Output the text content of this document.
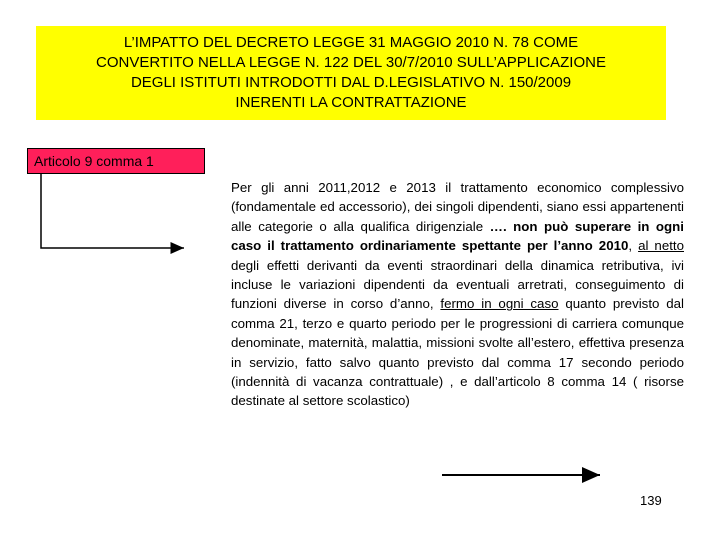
L’IMPATTO DEL DECRETO LEGGE 31 MAGGIO 2010 N. 78 COME
CONVERTITO NELLA LEGGE N. 122 DEL 30/7/2010 SULL’APPLICAZIONE
DEGLI ISTITUTI INTRODOTTI DAL D.LEGISLATIVO N. 150/2009
INERENTI LA CONTRATTAZIONE
Articolo 9 comma 1
Per gli anni 2011,2012 e 2013 il trattamento economico complessivo (fondamentale ed accessorio), dei singoli dipendenti, siano essi appartenenti alle categorie o alla qualifica dirigenziale …. non può superare in ogni caso il trattamento ordinariamente spettante per l’anno 2010, al netto degli effetti derivanti da eventi straordinari della dinamica retributiva, ivi incluse le variazioni dipendenti da eventuali arretrati, conseguimento di funzioni diverse in corso d’anno, fermo in ogni caso quanto previsto dal comma 21, terzo e quarto periodo per le progressioni di carriera comunque denominate, maternità, malattia, missioni svolte all’estero, effettiva presenza in servizio, fatto salvo quanto previsto dal comma 17 secondo periodo (indennità di vacanza contrattuale) , e dall’articolo 8 comma 14 ( risorse destinate al settore scolastico)
139
